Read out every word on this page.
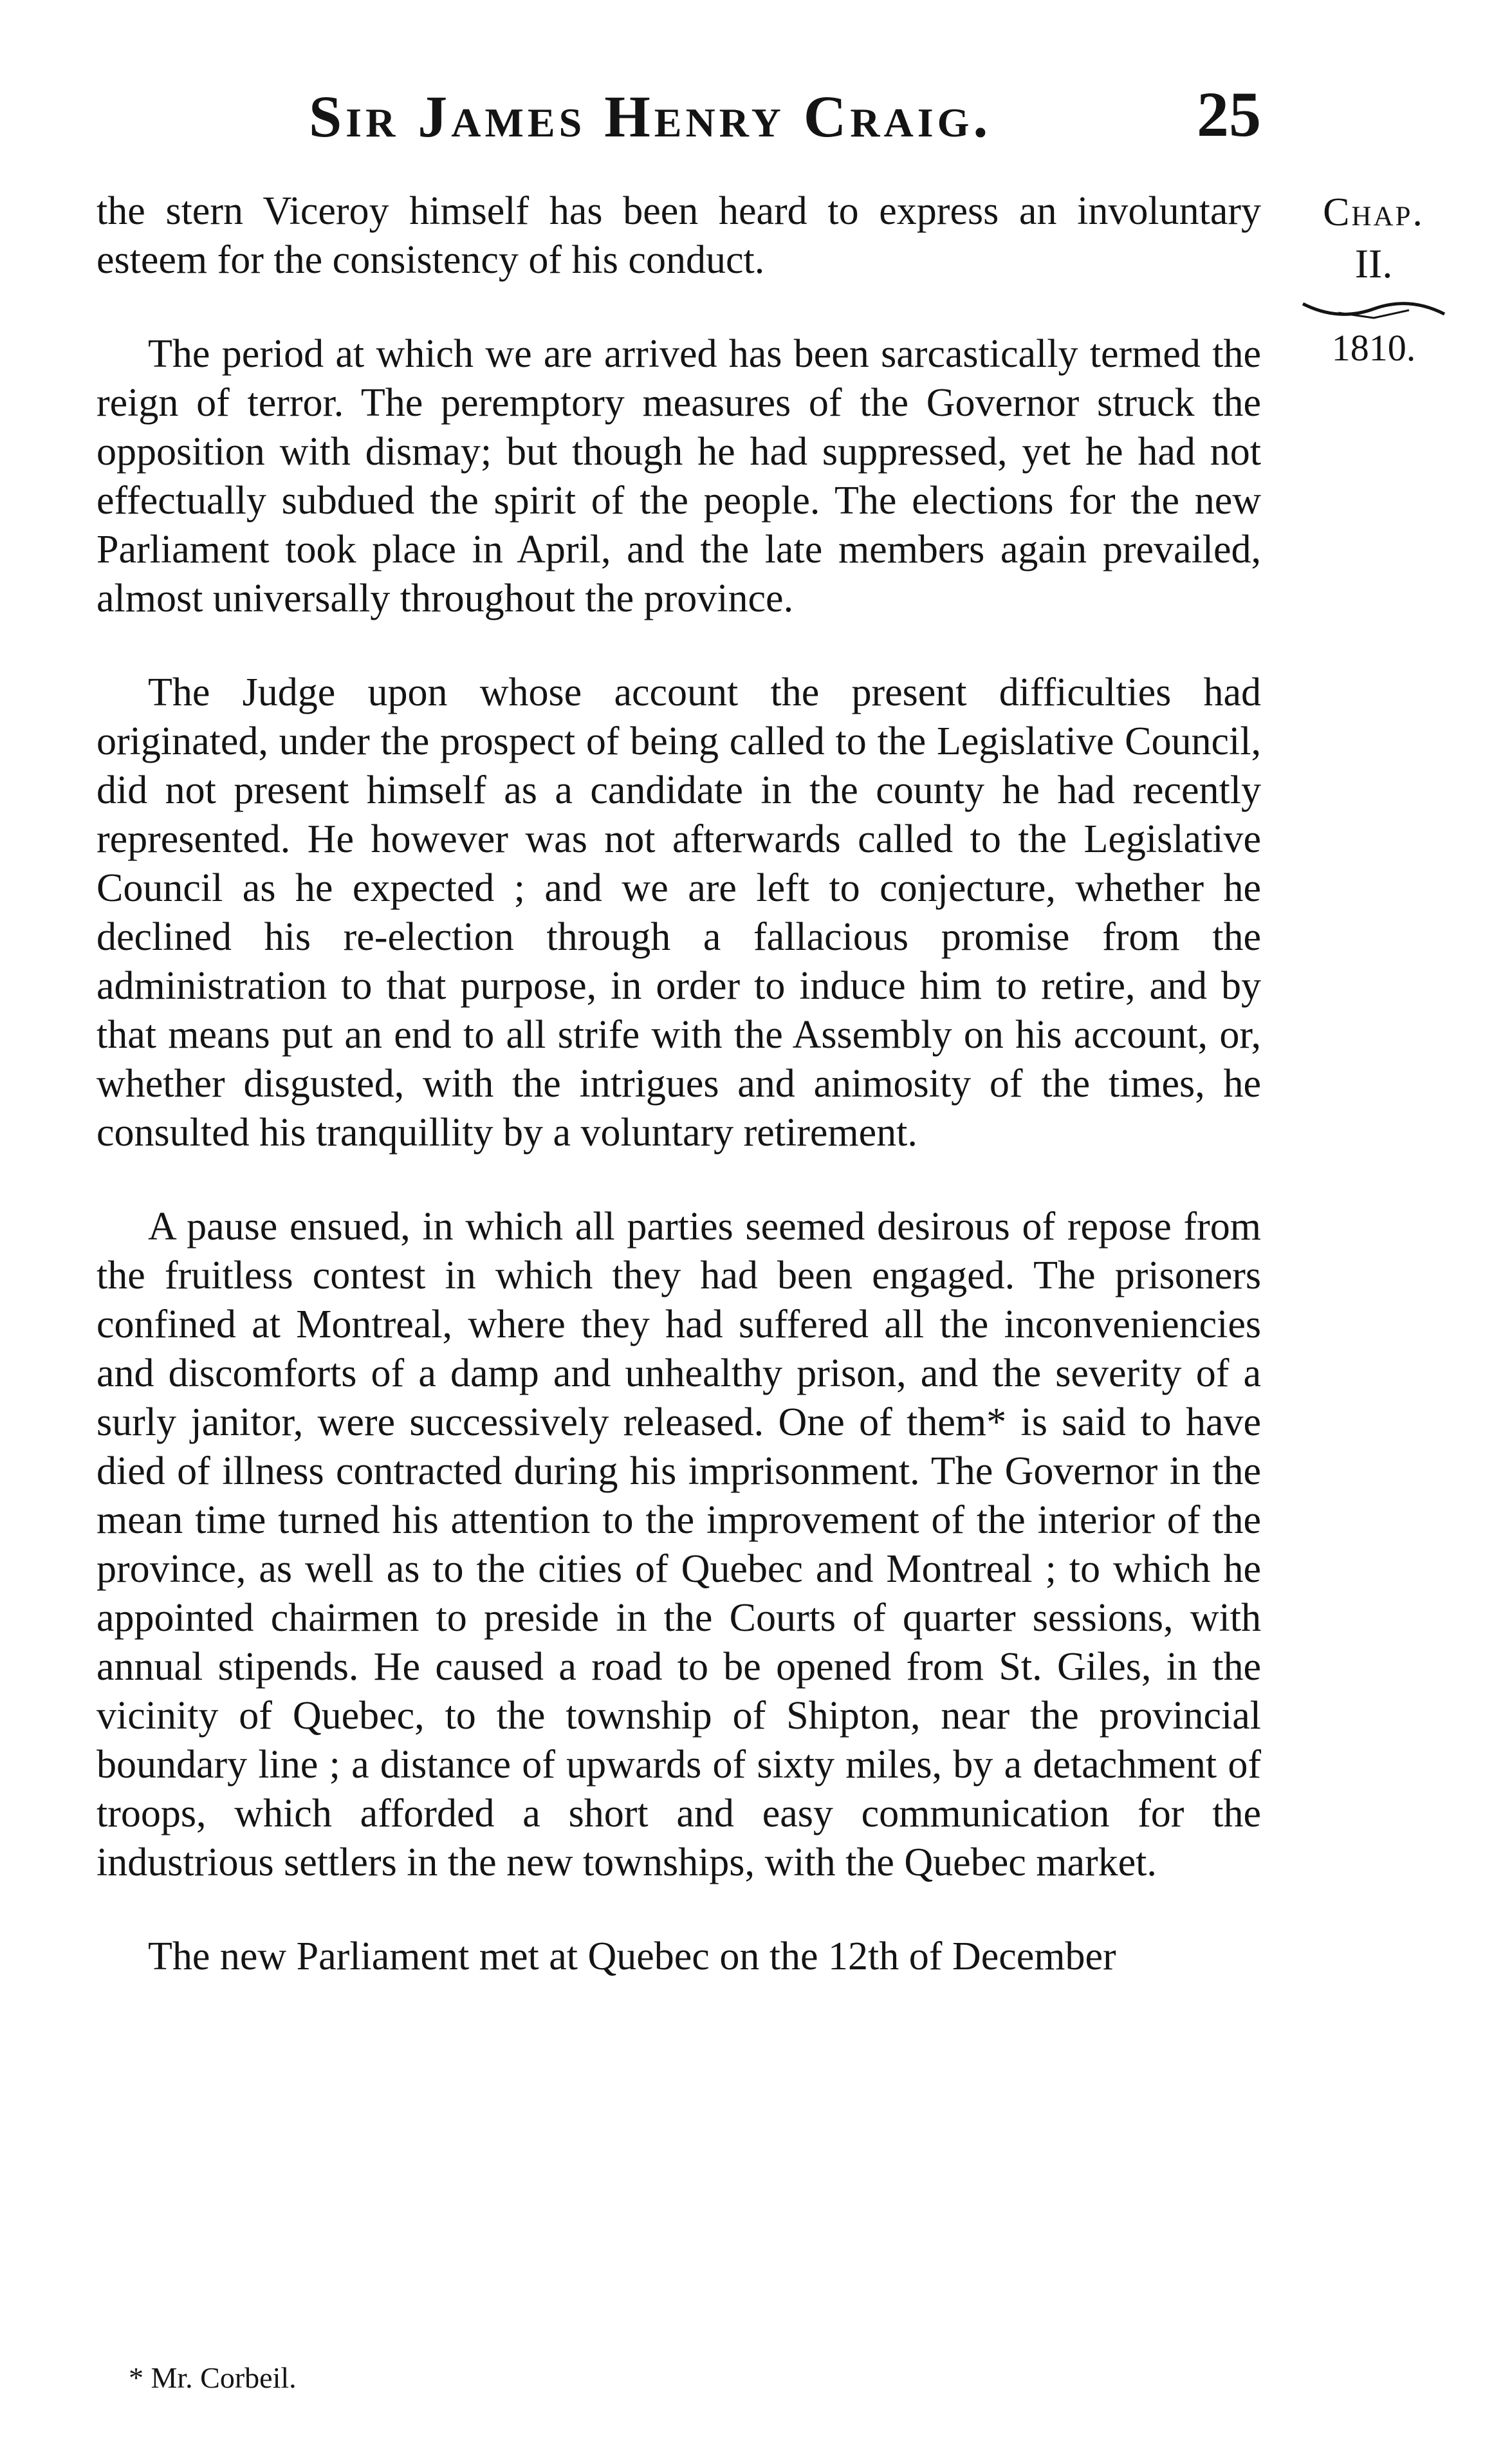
Sir James Henry Craig.	25
Chap.
II.
1810.

the stern Viceroy himself has been heard to express an involuntary esteem for the consistency of his conduct.

The period at which we are arrived has been sarcastically termed the reign of terror. The peremptory measures of the Governor struck the opposition with dismay; but though he had suppressed, yet he had not effectually subdued the spirit of the people. The elections for the new Parliament took place in April, and the late members again prevailed, almost universally throughout the province.

The Judge upon whose account the present difficulties had originated, under the prospect of being called to the Legislative Council, did not present himself as a candidate in the county he had recently represented. He however was not afterwards called to the Legislative Council as he expected ; and we are left to conjecture, whether he declined his re-election through a fallacious promise from the administration to that purpose, in order to induce him to retire, and by that means put an end to all strife with the Assembly on his account, or, whether disgusted, with the intrigues and animosity of the times, he consulted his tranquillity by a voluntary retirement.

A pause ensued, in which all parties seemed desirous of repose from the fruitless contest in which they had been engaged. The prisoners confined at Montreal, where they had suffered all the inconveniencies and discomforts of a damp and unhealthy prison, and the severity of a surly janitor, were successively released. One of them* is said to have died of illness contracted during his imprisonment. The Governor in the mean time turned his attention to the improvement of the interior of the province, as well as to the cities of Quebec and Montreal ; to which he appointed chairmen to preside in the Courts of quarter sessions, with annual stipends. He caused a road to be opened from St. Giles, in the vicinity of Quebec, to the township of Shipton, near the provincial boundary line ; a distance of upwards of sixty miles, by a detachment of troops, which afforded a short and easy communication for the industrious settlers in the new townships, with the Quebec market.

The new Parliament met at Quebec on the 12th of December

* Mr. Corbeil.
